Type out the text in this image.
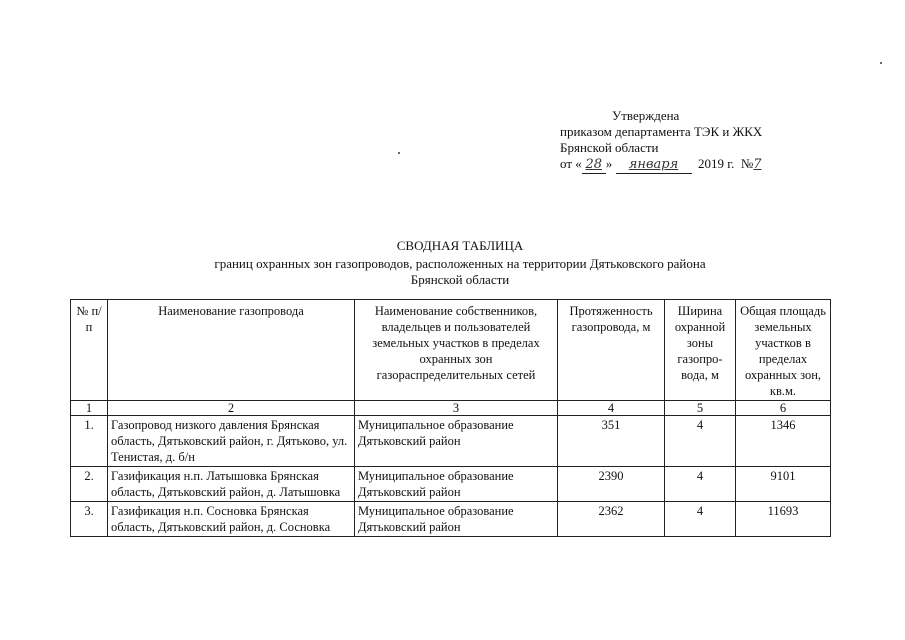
Утверждена
приказом департамента ТЭК и ЖКХ
Брянской области
от « 28 » января 2019 г. №7
СВОДНАЯ ТАБЛИЦА
границ охранных зон газопроводов, расположенных на территории Дятьковского района
Брянской области
№ п/п	Наименование газопровода	Наименование собственников, владельцев и пользователей земельных участков в пределах охранных зон газораспределительных сетей	Протяженность газопровода, м	Ширина охранной зоны газопро-вода, м	Общая площадь земельных участков в пределах охранных зон, кв.м.
1	2	3	4	5	6
1.	Газопровод низкого давления Брянская область, Дятьковский район, г. Дятьково, ул. Тенистая, д. б/н	Муниципальное образование Дятьковский район	351	4	1346
2.	Газификация н.п. Латышовка Брянская область, Дятьковский район, д. Латышовка	Муниципальное образование Дятьковский район	2390	4	9101
3.	Газификация н.п. Сосновка Брянская область, Дятьковский район, д. Сосновка	Муниципальное образование Дятьковский район	2362	4	11693
